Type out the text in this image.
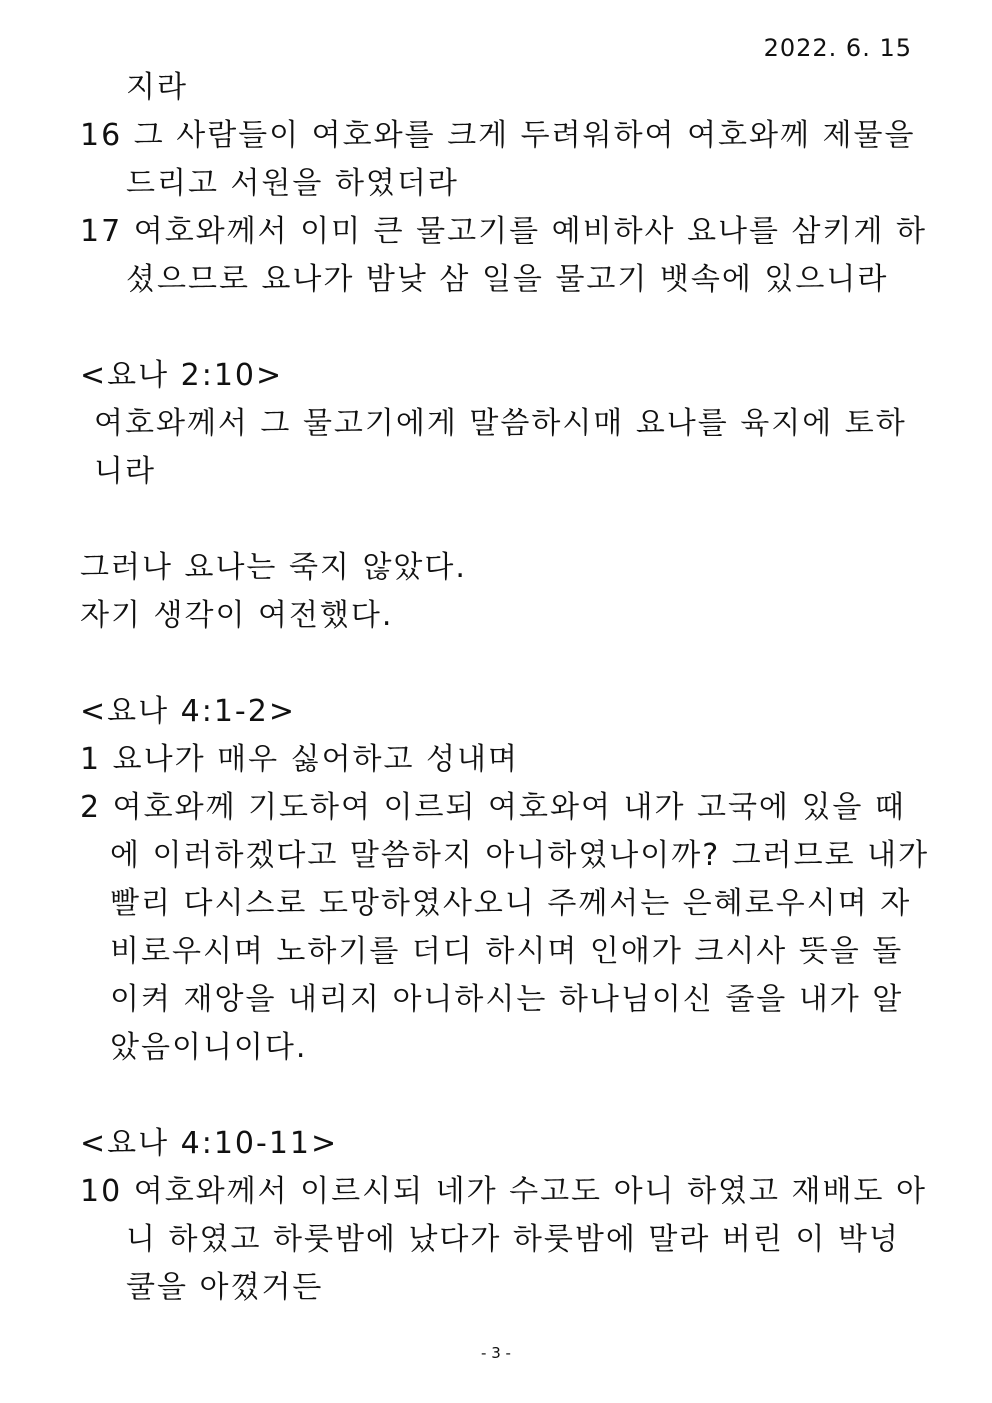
2022. 6. 15
지라
16 그 사람들이 여호와를 크게 두려워하여 여호와께 제물을
드리고 서원을 하였더라
17 여호와께서 이미 큰 물고기를 예비하사 요나를 삼키게 하
셨으므로 요나가 밤낮 삼 일을 물고기 뱃속에 있으니라
<요나 2:10>
여호와께서 그 물고기에게 말씀하시매 요나를 육지에 토하
니라
그러나 요나는 죽지 않았다.
자기 생각이 여전했다.
<요나 4:1-2>
1 요나가 매우 싫어하고 성내며
2 여호와께 기도하여 이르되 여호와여 내가 고국에 있을 때
에 이러하겠다고 말씀하지 아니하였나이까? 그러므로 내가
빨리 다시스로 도망하였사오니 주께서는 은혜로우시며 자
비로우시며 노하기를 더디 하시며 인애가 크시사 뜻을 돌
이켜 재앙을 내리지 아니하시는 하나님이신 줄을 내가 알
았음이니이다.
<요나 4:10-11>
10 여호와께서 이르시되 네가 수고도 아니 하였고 재배도 아
니 하였고 하룻밤에 났다가 하룻밤에 말라 버린 이 박넝
쿨을 아꼈거든
- 3 -
